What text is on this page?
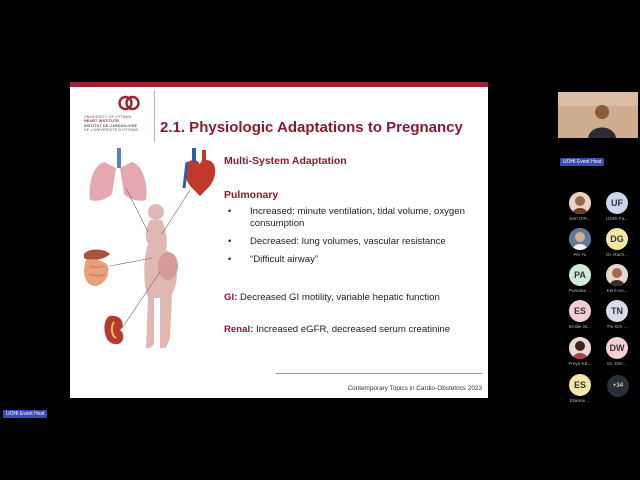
UNIVERSITY OF OTTAWA
HEART INSTITUTE
INSTITUT DE CARDIOLOGIE
DE L'UNIVERSITÉ D'OTTAWA	2.1. Physiologic Adaptations to Pregnancy
Multi-System Adaptation
Pulmonary
• Increased: minute ventilation, tidal volume, oxygen consumption
• Decreased: lung volumes, vascular resistance
• “Difficult airway”
GI: Decreased GI motility, variable hepatic function
Renal: Increased eGFR, decreased serum creatinine
Contemporary Topics in Cardio-Obstetrics 2023
UOHI Event Host
Keri O'R...
UF
UOHI Fa...
Fei Yu
DG
Dr. Rach...
PA
Purnima ...	Kerri-An...
ES
Emilie St...
TN
Thi Kim ...
Freya KE...
DW
Dr. Dire...
ES
Elianne ...
+34
UOHI Event Host
